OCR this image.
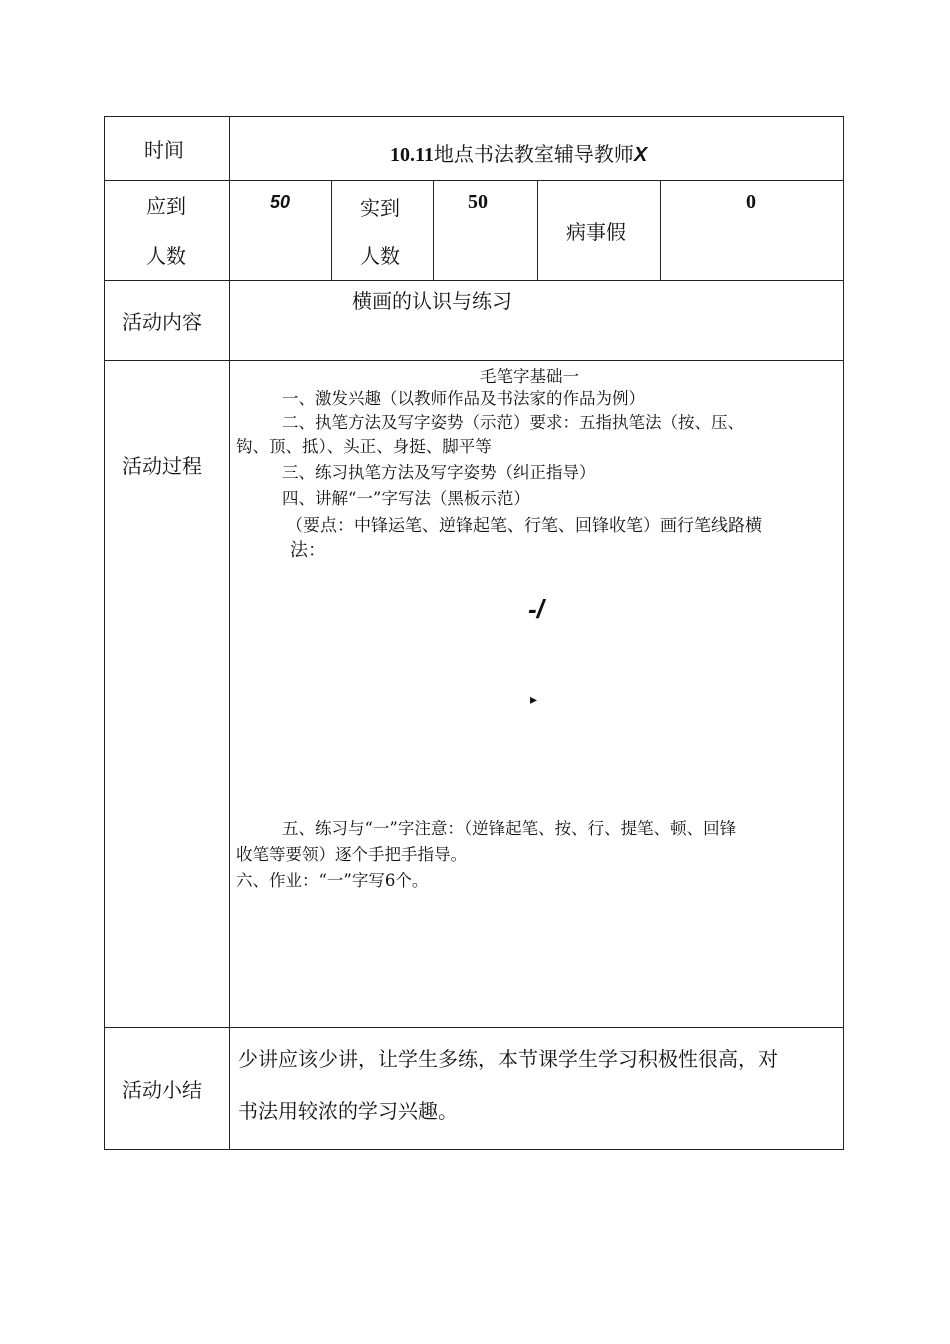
时间	10.11地点书法教室辅导教师X
应到
人数
50	实到
人数
50
病事假
0
活动内容
横画的认识与练习
活动过程
毛笔字基础一
一、激发兴趣（以教师作品及书法家的作品为例）
二、执笔方法及写字姿势（示范）要求：五指执笔法（按、压、
钩、顶、抵）、头正、身挺、脚平等
三、练习执笔方法及写字姿势（纠正指导）
四、讲解“一”字写法（黑板示范）
（要点：中锋运笔、逆锋起笔、行笔、回锋收笔）画行笔线路横
法：
-/
▸
五、练习与“一”字注意：（逆锋起笔、按、行、提笔、顿、回锋
收笔等要领）逐个手把手指导。
六、作业：“一”字写6个。
活动小结
少讲应该少讲，让学生多练，本节课学生学习积极性很高，对
书法用较浓的学习兴趣。
